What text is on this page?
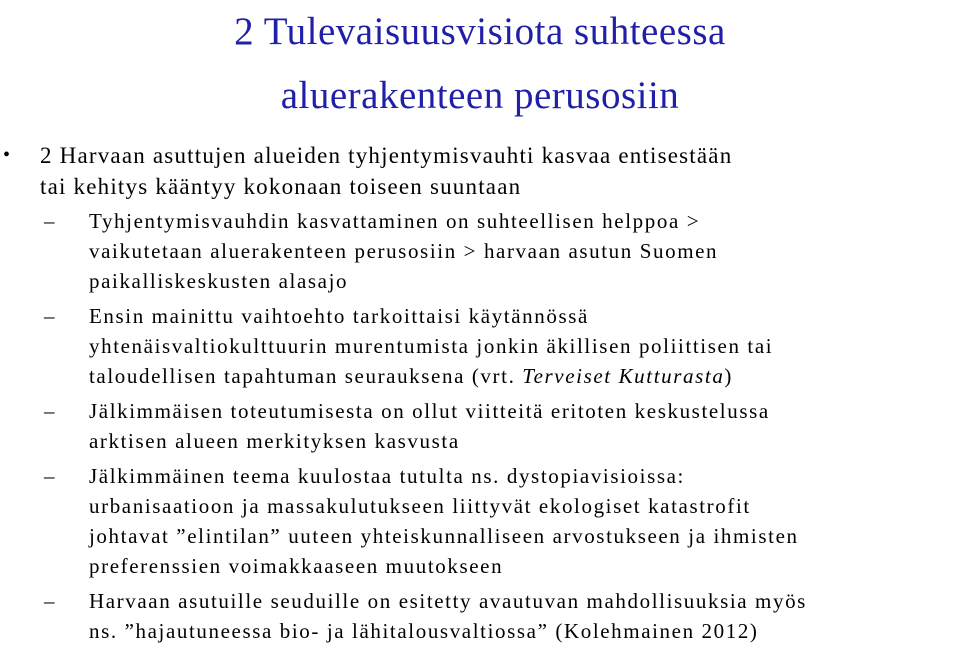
2 Tulevaisuusvisiota suhteessa
aluerakenteen perusosiin
• 2 Harvaan asuttujen alueiden tyhjentymisvauhti kasvaa entisestään
tai kehitys kääntyy kokonaan toiseen suuntaan
– Tyhjentymisvauhdin kasvattaminen on suhteellisen helppoa >
vaikutetaan aluerakenteen perusosiin > harvaan asutun Suomen
paikalliskeskusten alasajo
– Ensin mainittu vaihtoehto tarkoittaisi käytännössä
yhtenäisvaltiokulttuurin murentumista jonkin äkillisen poliittisen tai
taloudellisen tapahtuman seurauksena (vrt. Terveiset Kutturasta)
– Jälkimmäisen toteutumisesta on ollut viitteitä eritoten keskustelussa
arktisen alueen merkityksen kasvusta
– Jälkimmäinen teema kuulostaa tutulta ns. dystopiavisioissa:
urbanisaatioon ja massakulutukseen liittyvät ekologiset katastrofit
johtavat ”elintilan” uuteen yhteiskunnalliseen arvostukseen ja ihmisten
preferenssien voimakkaaseen muutokseen
– Harvaan asutuille seuduille on esitetty avautuvan mahdollisuuksia myös
ns. ”hajautuneessa bio- ja lähitalousvaltiossa” (Kolehmainen 2012)
